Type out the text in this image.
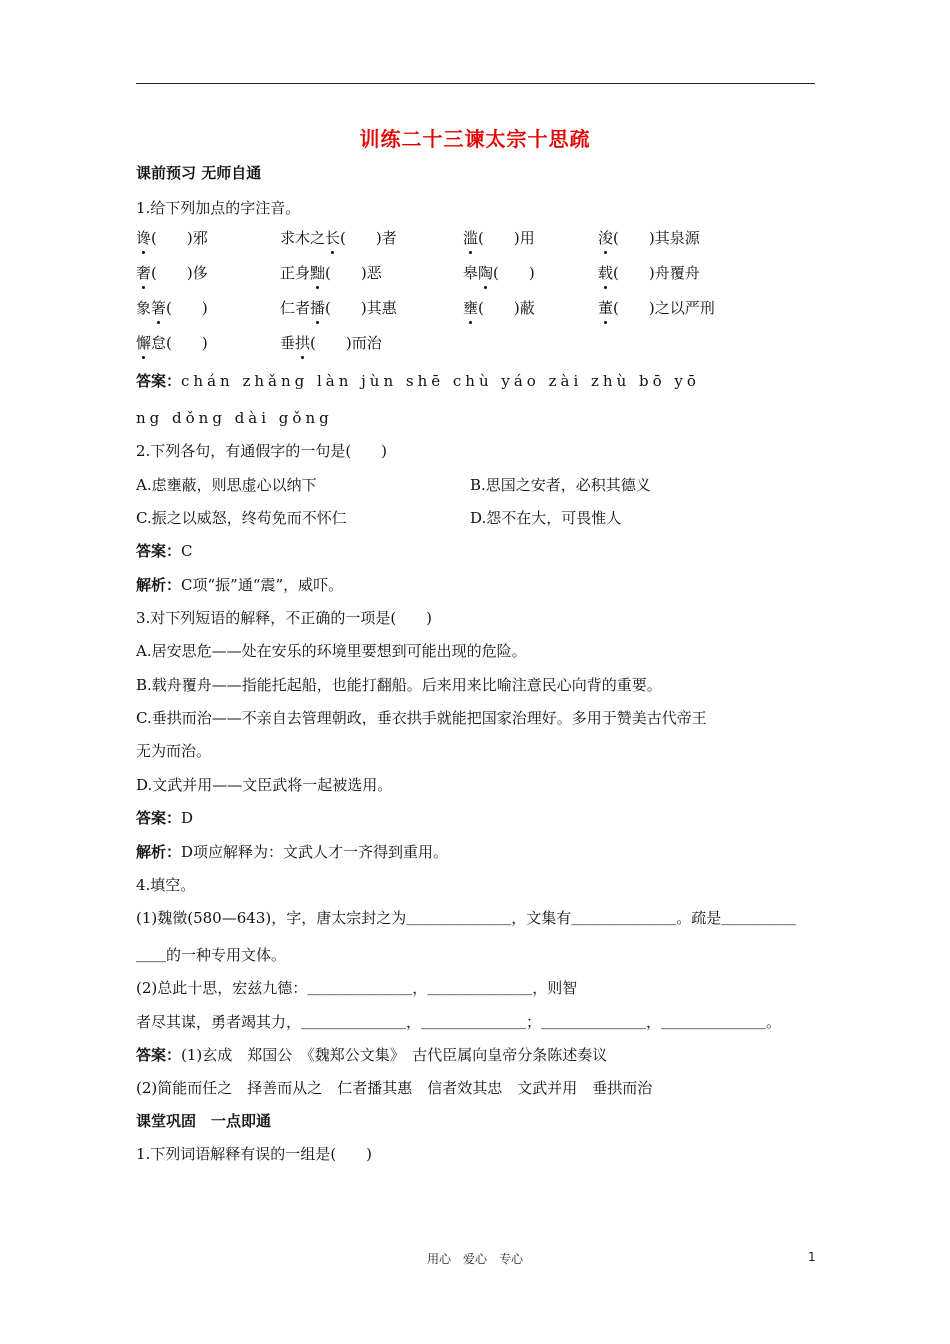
训练二十三谏太宗十思疏
课前预习 无师自通
1.给下列加点的字注音。
谗(　　)邪	求木之长(　　)者	滥(　　)用	浚(　　)其泉源
奢(　　)侈	正身黜(　　)恶	皋陶(　　)	载(　　)舟覆舟
象箸(　　)	仁者播(　　)其惠	壅(　　)蔽	董(　　)之以严刑
懈怠(　　)	垂拱(　　)而治
答案：chán zhǎng làn jùn shē chù yáo zài zhù bō yō
ng dǒng dài gǒng
2.下列各句，有通假字的一句是(　　)
A.虑壅蔽，则思虚心以纳下	B.思国之安者，必积其德义
C.振之以威怒，终苟免而不怀仁	D.怨不在大，可畏惟人
答案：C
解析：C项“振”通“震”，威吓。
3.对下列短语的解释，不正确的一项是(　　)
A.居安思危——处在安乐的环境里要想到可能出现的危险。
B.载舟覆舟——指能托起船，也能打翻船。后来用来比喻注意民心向背的重要。
C.垂拱而治——不亲自去管理朝政，垂衣拱手就能把国家治理好。多用于赞美古代帝王
无为而治。
D.文武并用——文臣武将一起被选用。
答案：D
解析：D项应解释为：文武人才一齐得到重用。
4.填空。
(1)魏徵(580—643)，字，唐太宗封之为＿＿＿＿＿＿＿，文集有＿＿＿＿＿＿＿。疏是＿＿＿＿＿
＿＿的一种专用文体。
(2)总此十思，宏兹九德：＿＿＿＿＿＿＿，＿＿＿＿＿＿＿，则智
者尽其谋，勇者竭其力，＿＿＿＿＿＿＿，＿＿＿＿＿＿＿；＿＿＿＿＿＿＿，＿＿＿＿＿＿＿。
答案：(1)玄成　郑国公　《魏郑公文集》　古代臣属向皇帝分条陈述奏议
(2)简能而任之　择善而从之　仁者播其惠　信者效其忠　文武并用　垂拱而治
课堂巩固　一点即通
1.下列词语解释有误的一组是(　　)
用心　爱心　专心	1
